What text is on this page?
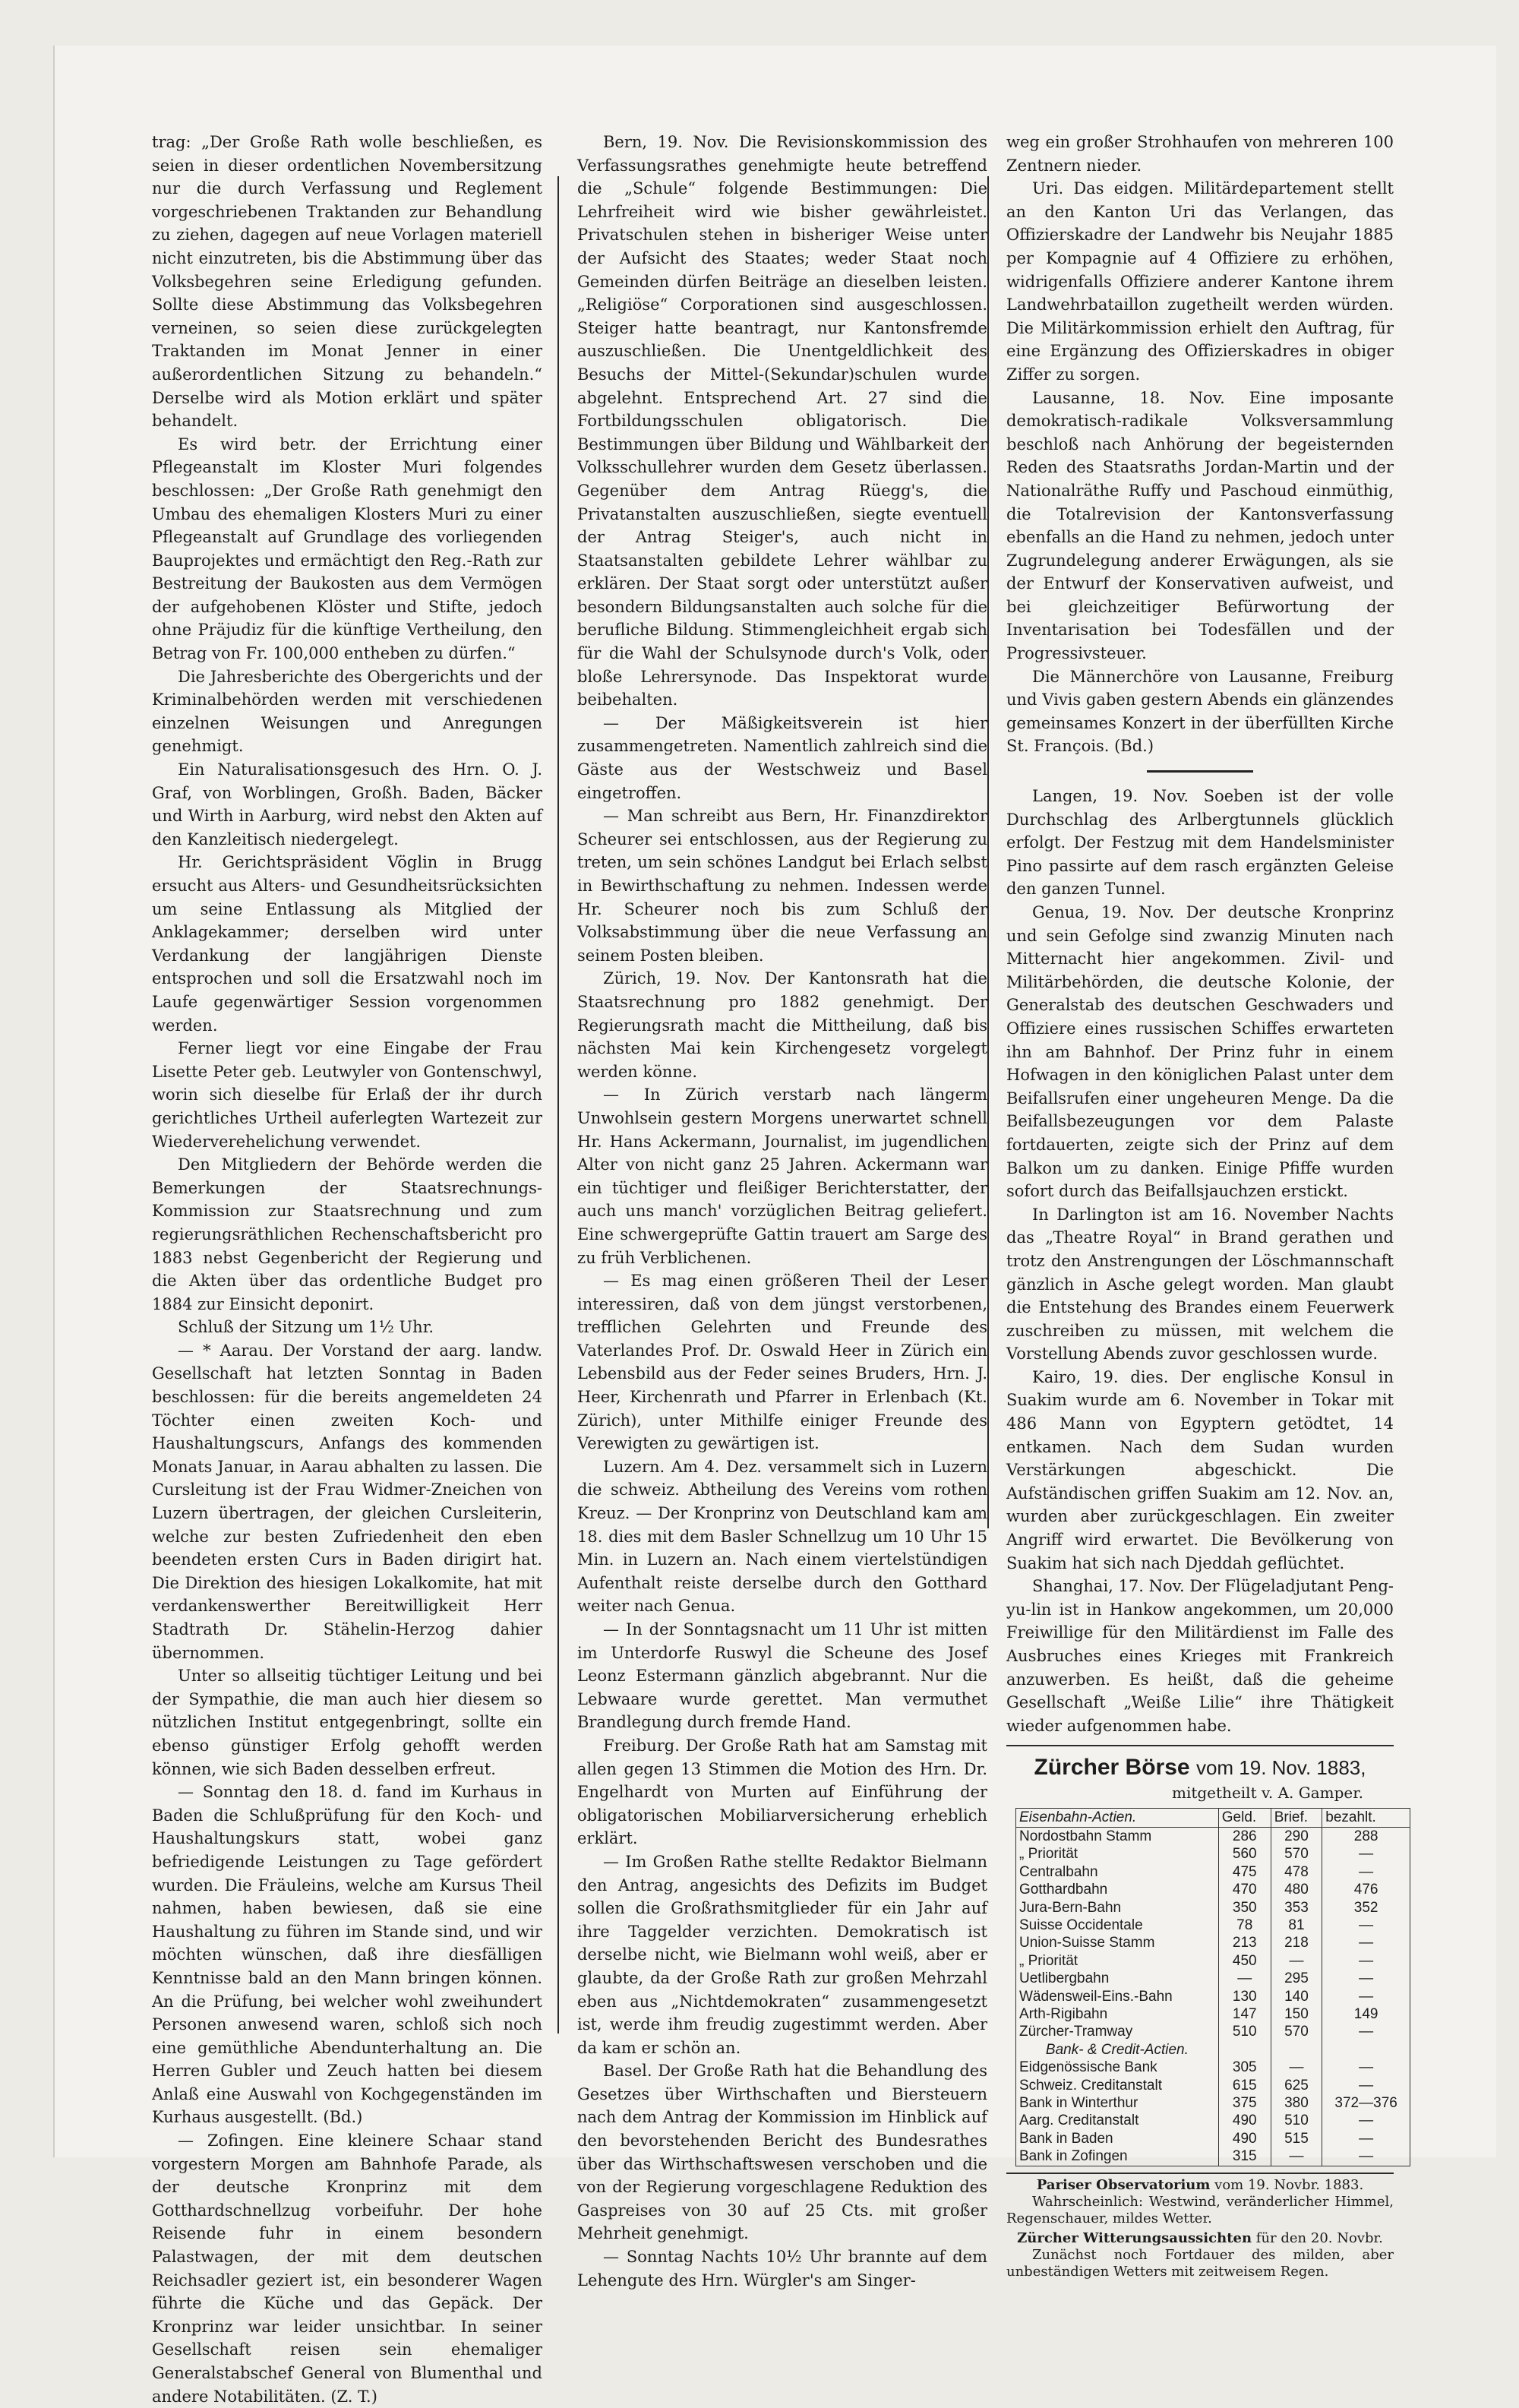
trag: „Der Große Rath wolle beschließen, es seien in dieser ordentlichen Novembersitzung nur die durch Verfassung und Reglement vorgeschriebenen Traktanden zur Behandlung zu ziehen, dagegen auf neue Vorlagen materiell nicht einzutreten, bis die Abstimmung über das Volksbegehren seine Erledigung gefunden. Sollte diese Abstimmung das Volksbegehren verneinen, so seien diese zurückgelegten Traktanden im Monat Jenner in einer außerordentlichen Sitzung zu behandeln.“ Derselbe wird als Motion erklärt und später behandelt.

Es wird betr. der Errichtung einer Pflegeanstalt im Kloster Muri folgendes beschlossen: „Der Große Rath genehmigt den Umbau des ehemaligen Klosters Muri zu einer Pflegeanstalt auf Grundlage des vorliegenden Bauprojektes und ermächtigt den Reg.-Rath zur Bestreitung der Baukosten aus dem Vermögen der aufgehobenen Klöster und Stifte, jedoch ohne Präjudiz für die künftige Vertheilung, den Betrag von Fr. 100,000 entheben zu dürfen.“

Die Jahresberichte des Obergerichts und der Kriminalbehörden werden mit verschiedenen einzelnen Weisungen und Anregungen genehmigt.

Ein Naturalisationsgesuch des Hrn. O. J. Graf, von Worblingen, Großh. Baden, Bäcker und Wirth in Aarburg, wird nebst den Akten auf den Kanzleitisch niedergelegt.

Hr. Gerichtspräsident Vöglin in Brugg ersucht aus Alters- und Gesundheitsrücksichten um seine Entlassung als Mitglied der Anklagekammer; derselben wird unter Verdankung der langjährigen Dienste entsprochen und soll die Ersatzwahl noch im Laufe gegenwärtiger Session vorgenommen werden.

Ferner liegt vor eine Eingabe der Frau Lisette Peter geb. Leutwyler von Gontenschwyl, worin sich dieselbe für Erlaß der ihr durch gerichtliches Urtheil auferlegten Wartezeit zur Wiederverehelichung verwendet.

Den Mitgliedern der Behörde werden die Bemerkungen der Staatsrechnungs-Kommission zur Staatsrechnung und zum regierungsräthlichen Rechenschaftsbericht pro 1883 nebst Gegenbericht der Regierung und die Akten über das ordentliche Budget pro 1884 zur Einsicht deponirt.

Schluß der Sitzung um 1½ Uhr.

— * Aarau. Der Vorstand der aarg. landw. Gesellschaft hat letzten Sonntag in Baden beschlossen: für die bereits angemeldeten 24 Töchter einen zweiten Koch- und Haushaltungscurs, Anfangs des kommenden Monats Januar, in Aarau abhalten zu lassen. Die Cursleitung ist der Frau Widmer-Zneichen von Luzern übertragen, der gleichen Cursleiterin, welche zur besten Zufriedenheit den eben beendeten ersten Curs in Baden dirigirt hat. Die Direktion des hiesigen Lokalkomite, hat mit verdankenswerther Bereitwilligkeit Herr Stadtrath Dr. Stähelin-Herzog dahier übernommen.

Unter so allseitig tüchtiger Leitung und bei der Sympathie, die man auch hier diesem so nützlichen Institut entgegenbringt, sollte ein ebenso günstiger Erfolg gehofft werden können, wie sich Baden desselben erfreut.

— Sonntag den 18. d. fand im Kurhaus in Baden die Schlußprüfung für den Koch- und Haushaltungskurs statt, wobei ganz befriedigende Leistungen zu Tage gefördert wurden. Die Fräuleins, welche am Kursus Theil nahmen, haben bewiesen, daß sie eine Haushaltung zu führen im Stande sind, und wir möchten wünschen, daß ihre diesfälligen Kenntnisse bald an den Mann bringen können. An die Prüfung, bei welcher wohl zweihundert Personen anwesend waren, schloß sich noch eine gemüthliche Abendunterhaltung an. Die Herren Gubler und Zeuch hatten bei diesem Anlaß eine Auswahl von Kochgegenständen im Kurhaus ausgestellt. (Bd.)

— Zofingen. Eine kleinere Schaar stand vorgestern Morgen am Bahnhofe Parade, als der deutsche Kronprinz mit dem Gotthardschnellzug vorbeifuhr. Der hohe Reisende fuhr in einem besondern Palastwagen, der mit dem deutschen Reichsadler geziert ist, ein besonderer Wagen führte die Küche und das Gepäck. Der Kronprinz war leider unsichtbar. In seiner Gesellschaft reisen sein ehemaliger Generalstabschef General von Blumenthal und andere Notabilitäten. (Z. T.)

Bern, 19. Nov. Die Revisionskommission des Verfassungsrathes genehmigte heute betreffend die „Schule“ folgende Bestimmungen: Die Lehrfreiheit wird wie bisher gewährleistet. Privatschulen stehen in bisheriger Weise unter der Aufsicht des Staates; weder Staat noch Gemeinden dürfen Beiträge an dieselben leisten. „Religiöse“ Corporationen sind ausgeschlossen. Steiger hatte beantragt, nur Kantonsfremde auszuschließen. Die Unentgeldlichkeit des Besuchs der Mittel-(Sekundar)schulen wurde abgelehnt. Entsprechend Art. 27 sind die Fortbildungsschulen obligatorisch. Die Bestimmungen über Bildung und Wählbarkeit der Volksschullehrer wurden dem Gesetz überlassen. Gegenüber dem Antrag Rüegg's, die Privatanstalten auszuschließen, siegte eventuell der Antrag Steiger's, auch nicht in Staatsanstalten gebildete Lehrer wählbar zu erklären. Der Staat sorgt oder unterstützt außer besondern Bildungsanstalten auch solche für die berufliche Bildung. Stimmengleichheit ergab sich für die Wahl der Schulsynode durch's Volk, oder bloße Lehrersynode. Das Inspektorat wurde beibehalten.

— Der Mäßigkeitsverein ist hier zusammengetreten. Namentlich zahlreich sind die Gäste aus der Westschweiz und Basel eingetroffen.

— Man schreibt aus Bern, Hr. Finanzdirektor Scheurer sei entschlossen, aus der Regierung zu treten, um sein schönes Landgut bei Erlach selbst in Bewirthschaftung zu nehmen. Indessen werde Hr. Scheurer noch bis zum Schluß der Volksabstimmung über die neue Verfassung an seinem Posten bleiben.

Zürich, 19. Nov. Der Kantonsrath hat die Staatsrechnung pro 1882 genehmigt. Der Regierungsrath macht die Mittheilung, daß bis nächsten Mai kein Kirchengesetz vorgelegt werden könne.

— In Zürich verstarb nach längerm Unwohlsein gestern Morgens unerwartet schnell Hr. Hans Ackermann, Journalist, im jugendlichen Alter von nicht ganz 25 Jahren. Ackermann war ein tüchtiger und fleißiger Berichterstatter, der auch uns manch' vorzüglichen Beitrag geliefert. Eine schwergeprüfte Gattin trauert am Sarge des zu früh Verblichenen.

— Es mag einen größeren Theil der Leser interessiren, daß von dem jüngst verstorbenen, trefflichen Gelehrten und Freunde des Vaterlandes Prof. Dr. Oswald Heer in Zürich ein Lebensbild aus der Feder seines Bruders, Hrn. J. Heer, Kirchenrath und Pfarrer in Erlenbach (Kt. Zürich), unter Mithilfe einiger Freunde des Verewigten zu gewärtigen ist.

Luzern. Am 4. Dez. versammelt sich in Luzern die schweiz. Abtheilung des Vereins vom rothen Kreuz. — Der Kronprinz von Deutschland kam am 18. dies mit dem Basler Schnellzug um 10 Uhr 15 Min. in Luzern an. Nach einem viertelstündigen Aufenthalt reiste derselbe durch den Gotthard weiter nach Genua.

— In der Sonntagsnacht um 11 Uhr ist mitten im Unterdorfe Ruswyl die Scheune des Josef Leonz Estermann gänzlich abgebrannt. Nur die Lebwaare wurde gerettet. Man vermuthet Brandlegung durch fremde Hand.

Freiburg. Der Große Rath hat am Samstag mit allen gegen 13 Stimmen die Motion des Hrn. Dr. Engelhardt von Murten auf Einführung der obligatorischen Mobiliarversicherung erheblich erklärt.

— Im Großen Rathe stellte Redaktor Bielmann den Antrag, angesichts des Defizits im Budget sollen die Großrathsmitglieder für ein Jahr auf ihre Taggelder verzichten. Demokratisch ist derselbe nicht, wie Bielmann wohl weiß, aber er glaubte, da der Große Rath zur großen Mehrzahl eben aus „Nichtdemokraten“ zusammengesetzt ist, werde ihm freudig zugestimmt werden. Aber da kam er schön an.

Basel. Der Große Rath hat die Behandlung des Gesetzes über Wirthschaften und Biersteuern nach dem Antrag der Kommission im Hinblick auf den bevorstehenden Bericht des Bundesrathes über das Wirthschaftswesen verschoben und die von der Regierung vorgeschlagene Reduktion des Gaspreises von 30 auf 25 Cts. mit großer Mehrheit genehmigt.

— Sonntag Nachts 10½ Uhr brannte auf dem Lehengute des Hrn. Würgler's am Singer-

weg ein großer Strohhaufen von mehreren 100 Zentnern nieder.

Uri. Das eidgen. Militärdepartement stellt an den Kanton Uri das Verlangen, das Offizierskadre der Landwehr bis Neujahr 1885 per Kompagnie auf 4 Offiziere zu erhöhen, widrigenfalls Offiziere anderer Kantone ihrem Landwehrbataillon zugetheilt werden würden. Die Militärkommission erhielt den Auftrag, für eine Ergänzung des Offizierskadres in obiger Ziffer zu sorgen.

Lausanne, 18. Nov. Eine imposante demokratisch-radikale Volksversammlung beschloß nach Anhörung der begeisternden Reden des Staatsraths Jordan-Martin und der Nationalräthe Ruffy und Paschoud einmüthig, die Totalrevision der Kantonsverfassung ebenfalls an die Hand zu nehmen, jedoch unter Zugrundelegung anderer Erwägungen, als sie der Entwurf der Konservativen aufweist, und bei gleichzeitiger Befürwortung der Inventarisation bei Todesfällen und der Progressivsteuer.

Die Männerchöre von Lausanne, Freiburg und Vivis gaben gestern Abends ein glänzendes gemeinsames Konzert in der überfüllten Kirche St. François. (Bd.)

Langen, 19. Nov. Soeben ist der volle Durchschlag des Arlbergtunnels glücklich erfolgt. Der Festzug mit dem Handelsminister Pino passirte auf dem rasch ergänzten Geleise den ganzen Tunnel.

Genua, 19. Nov. Der deutsche Kronprinz und sein Gefolge sind zwanzig Minuten nach Mitternacht hier angekommen. Zivil- und Militärbehörden, die deutsche Kolonie, der Generalstab des deutschen Geschwaders und Offiziere eines russischen Schiffes erwarteten ihn am Bahnhof. Der Prinz fuhr in einem Hofwagen in den königlichen Palast unter dem Beifallsrufen einer ungeheuren Menge. Da die Beifallsbezeugungen vor dem Palaste fortdauerten, zeigte sich der Prinz auf dem Balkon um zu danken. Einige Pfiffe wurden sofort durch das Beifallsjauchzen erstickt.

In Darlington ist am 16. November Nachts das „Theatre Royal“ in Brand gerathen und trotz den Anstrengungen der Löschmannschaft gänzlich in Asche gelegt worden. Man glaubt die Entstehung des Brandes einem Feuerwerk zuschreiben zu müssen, mit welchem die Vorstellung Abends zuvor geschlossen wurde.

Kairo, 19. dies. Der englische Konsul in Suakim wurde am 6. November in Tokar mit 486 Mann von Egyptern getödtet, 14 entkamen. Nach dem Sudan wurden Verstärkungen abgeschickt. Die Aufständischen griffen Suakim am 12. Nov. an, wurden aber zurückgeschlagen. Ein zweiter Angriff wird erwartet. Die Bevölkerung von Suakim hat sich nach Djeddah geflüchtet.

Shanghai, 17. Nov. Der Flügeladjutant Peng-yu-lin ist in Hankow angekommen, um 20,000 Freiwillige für den Militärdienst im Falle des Ausbruches eines Krieges mit Frankreich anzuwerben. Es heißt, daß die geheime Gesellschaft „Weiße Lilie“ ihre Thätigkeit wieder aufgenommen habe.

Zürcher Börse vom 19. Nov. 1883,
mitgetheilt v. A. Gamper.
Eisenbahn-Actien.	Geld.	Brief.	bezahlt.
Nordostbahn Stamm	286	290	288
„ Priorität	560	570	—
Centralbahn	475	478	—
Gotthardbahn	470	480	476
Jura-Bern-Bahn	350	353	352
Suisse Occidentale	78	81	—
Union-Suisse Stamm	213	218	—
„ Priorität	450	—	—
Uetlibergbahn	—	295	—
Wädensweil-Eins.-Bahn	130	140	—
Arth-Rigibahn	147	150	149
Zürcher-Tramway	510	570	—
Bank- & Credit-Actien.			
Eidgenössische Bank	305	—	—
Schweiz. Creditanstalt	615	625	—
Bank in Winterthur	375	380	372—376
Aarg. Creditanstalt	490	510	—
Bank in Baden	490	515	—
Bank in Zofingen	315	—	—

Pariser Observatorium vom 19. Novbr. 1883.
Wahrscheinlich: Westwind, veränderlicher Himmel, Regenschauer, mildes Wetter.
Zürcher Witterungsaussichten für den 20. Novbr.
Zunächst noch Fortdauer des milden, aber unbeständigen Wetters mit zeitweisem Regen.
